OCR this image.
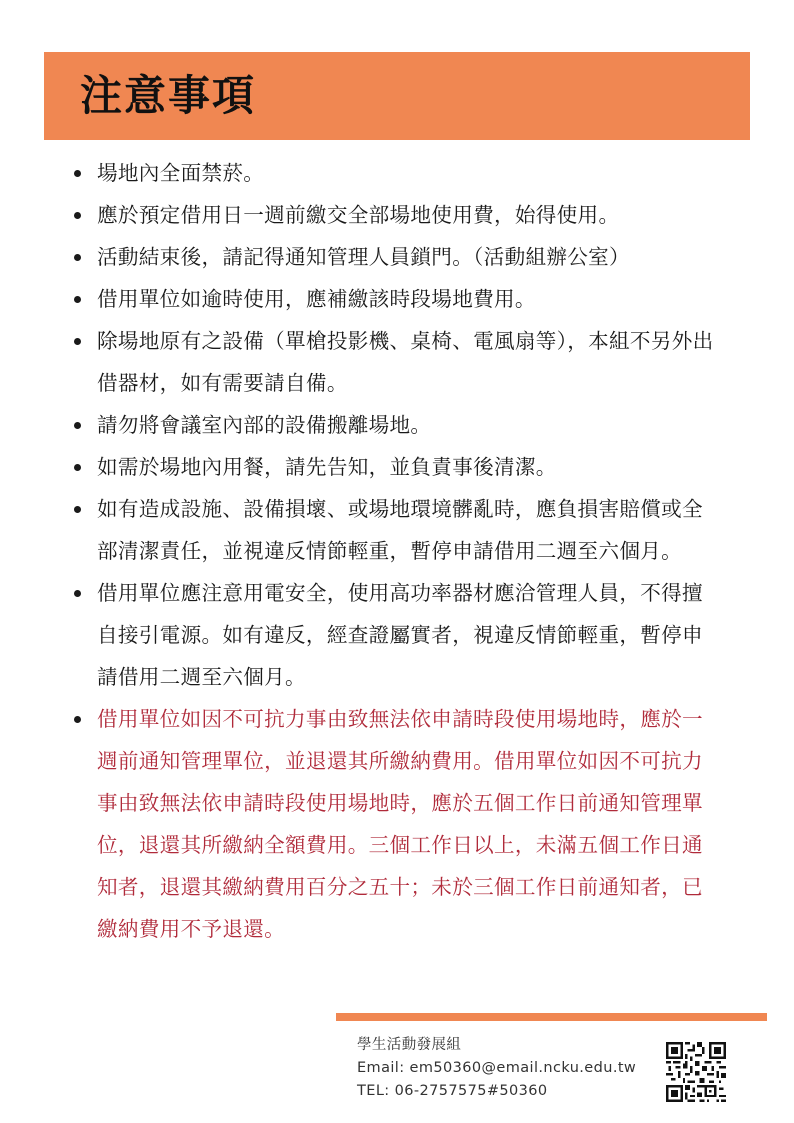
注意事項
場地內全面禁菸。
應於預定借用日一週前繳交全部場地使用費，始得使用。
活動結束後，請記得通知管理人員鎖門。（活動組辦公室）
借用單位如逾時使用，應補繳該時段場地費用。
除場地原有之設備（單槍投影機、桌椅、電風扇等），本組不另外出借器材，如有需要請自備。
請勿將會議室內部的設備搬離場地。
如需於場地內用餐，請先告知，並負責事後清潔。
如有造成設施、設備損壞、或場地環境髒亂時，應負損害賠償或全部清潔責任，並視違反情節輕重，暫停申請借用二週至六個月。
借用單位應注意用電安全，使用高功率器材應洽管理人員，不得擅自接引電源。如有違反，經查證屬實者，視違反情節輕重，暫停申請借用二週至六個月。
借用單位如因不可抗力事由致無法依申請時段使用場地時，應於一週前通知管理單位，並退還其所繳納費用。借用單位如因不可抗力事由致無法依申請時段使用場地時，應於五個工作日前通知管理單位，退還其所繳納全額費用。三個工作日以上，未滿五個工作日通知者，退還其繳納費用百分之五十；未於三個工作日前通知者，已繳納費用不予退還。
學生活動發展組
Email: em50360@email.ncku.edu.tw
TEL: 06-2757575#50360
